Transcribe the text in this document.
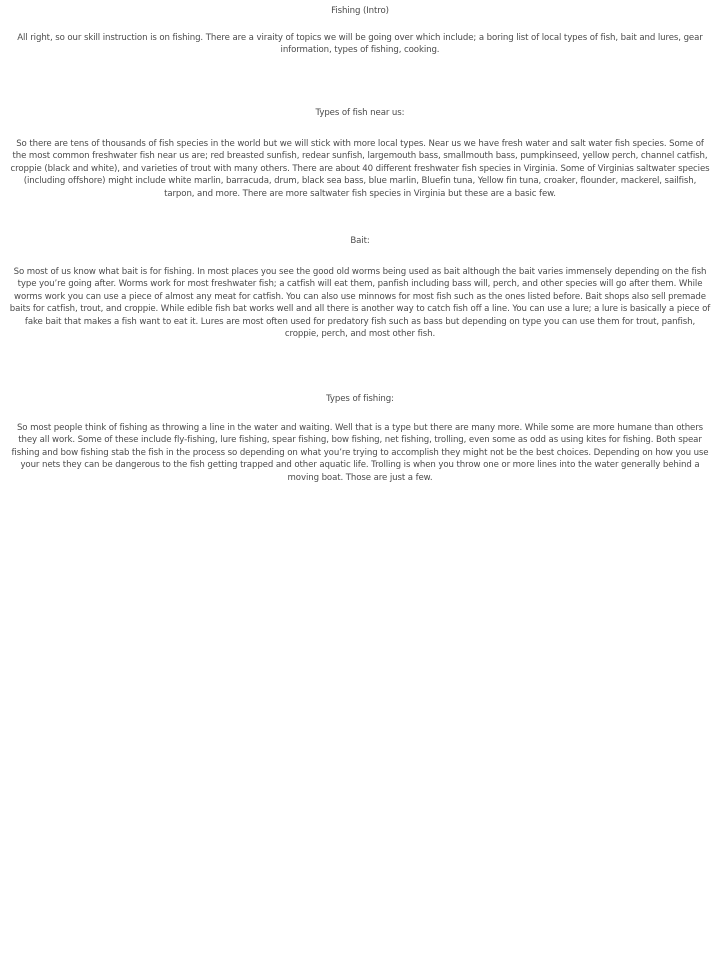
Fishing (Intro)

All right, so our skill instruction is on fishing. There are a viraity of topics we will be going over which include; a boring list of local types of fish, bait and lures, gear information, types of fishing, cooking.

Types of fish near us:

So there are tens of thousands of fish species in the world but we will stick with more local types. Near us we have fresh water and salt water fish species. Some of the most common freshwater fish near us are; red breasted sunfish, redear sunfish, largemouth bass, smallmouth bass, pumpkinseed, yellow perch, channel catfish, croppie (black and white), and varieties of trout with many others. There are about 40 different freshwater fish species in Virginia. Some of Virginias saltwater species (including offshore) might include white marlin, barracuda, drum, black sea bass, blue marlin, Bluefin tuna, Yellow fin tuna, croaker, flounder, mackerel, sailfish, tarpon, and more. There are more saltwater fish species in Virginia but these are a basic few.

Bait:

So most of us know what bait is for fishing. In most places you see the good old worms being used as bait although the bait varies immensely depending on the fish type you’re going after. Worms work for most freshwater fish; a catfish will eat them, panfish including bass will, perch, and other species will go after them. While worms work you can use a piece of almost any meat for catfish. You can also use minnows for most fish such as the ones listed before. Bait shops also sell premade baits for catfish, trout, and croppie. While edible fish bat works well and all there is another way to catch fish off a line. You can use a lure; a lure is basically a piece of fake bait that makes a fish want to eat it. Lures are most often used for predatory fish such as bass but depending on type you can use them for trout, panfish, croppie, perch, and most other fish.

Types of fishing:

So most people think of fishing as throwing a line in the water and waiting. Well that is a type but there are many more. While some are more humane than others they all work. Some of these include fly-fishing, lure fishing, spear fishing, bow fishing, net fishing, trolling, even some as odd as using kites for fishing. Both spear fishing and bow fishing stab the fish in the process so depending on what you’re trying to accomplish they might not be the best choices. Depending on how you use your nets they can be dangerous to the fish getting trapped and other aquatic life. Trolling is when you throw one or more lines into the water generally behind a moving boat. Those are just a few.
